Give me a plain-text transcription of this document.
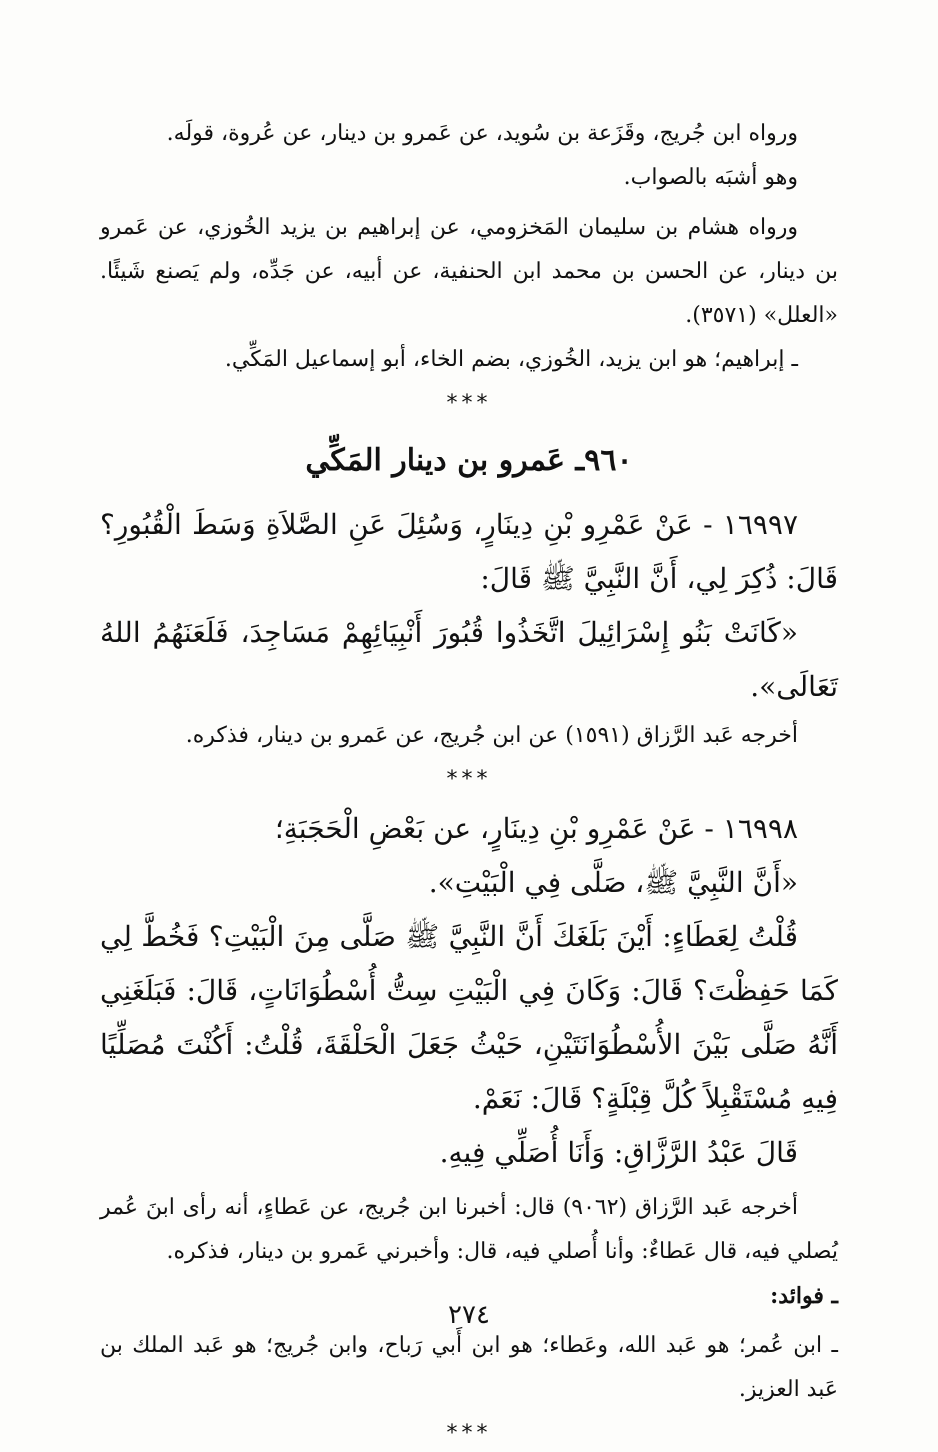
ورواه ابن جُريج، وقَزَعة بن سُويد، عن عَمرو بن دينار، عن عُروة، قولَه.

وهو أشبَه بالصواب.

ورواه هشام بن سليمان المَخزومي، عن إبراهيم بن يزيد الخُوزي، عن عَمرو بن دينار، عن الحسن بن محمد ابن الحنفية، عن أبيه، عن جَدِّه، ولم يَصنع شَيئًا. «العلل» (٣٥٧١).

ـ إبراهيم؛ هو ابن يزيد، الخُوزي، بضم الخاء، أبو إسماعيل المَكِّي.

***
٩٦٠ـ عَمرو بن دينار المَكِّي

١٦٩٩٧ - عَنْ عَمْرِو بْنِ دِينَارٍ، وَسُئِلَ عَنِ الصَّلاَةِ وَسَطَ الْقُبُورِ؟ قَالَ: ذُكِرَ لِي، أَنَّ النَّبِيَّ ﷺ قَالَ:

«كَانَتْ بَنُو إِسْرَائِيلَ اتَّخَذُوا قُبُورَ أَنْبِيَائِهِمْ مَسَاجِدَ، فَلَعَنَهُمُ اللهُ تَعَالَى».

أخرجه عَبد الرَّزاق (١٥٩١) عن ابن جُريج، عن عَمرو بن دينار، فذكره.

***

١٦٩٩٨ - عَنْ عَمْرِو بْنِ دِينَارٍ، عن بَعْضِ الْحَجَبَةِ؛

«أَنَّ النَّبِيَّ ﷺ، صَلَّى فِي الْبَيْتِ».

قُلْتُ لِعَطَاءٍ: أَيْنَ بَلَغَكَ أَنَّ النَّبِيَّ ﷺ صَلَّى مِنَ الْبَيْتِ؟ فَخُطَّ لِي كَمَا حَفِظْتَ؟ قَالَ: وَكَانَ فِي الْبَيْتِ سِتُّ أُسْطُوَانَاتٍ، قَالَ: فَبَلَغَنِي أَنَّهُ صَلَّى بَيْنَ الأُسْطُوَانَتَيْنِ، حَيْثُ جَعَلَ الْحَلْقَةَ، قُلْتُ: أَكُنْتَ مُصَلِّيًا فِيهِ مُسْتَقْبِلاً كُلَّ قِبْلَةٍ؟ قَالَ: نَعَمْ.

قَالَ عَبْدُ الرَّزَّاقِ: وَأَنَا أُصَلِّي فِيهِ.

أخرجه عَبد الرَّزاق (٩٠٦٢) قال: أخبرنا ابن جُريج، عن عَطاءٍ، أنه رأى ابنَ عُمر يُصلي فيه، قال عَطاءٌ: وأنا أُصلي فيه، قال: وأخبرني عَمرو بن دينار، فذكره.

ـ فوائد:

ـ ابن عُمر؛ هو عَبد الله، وعَطاء؛ هو ابن أَبي رَباح، وابن جُريج؛ هو عَبد الملك بن عَبد العزيز.

***
٢٧٤
